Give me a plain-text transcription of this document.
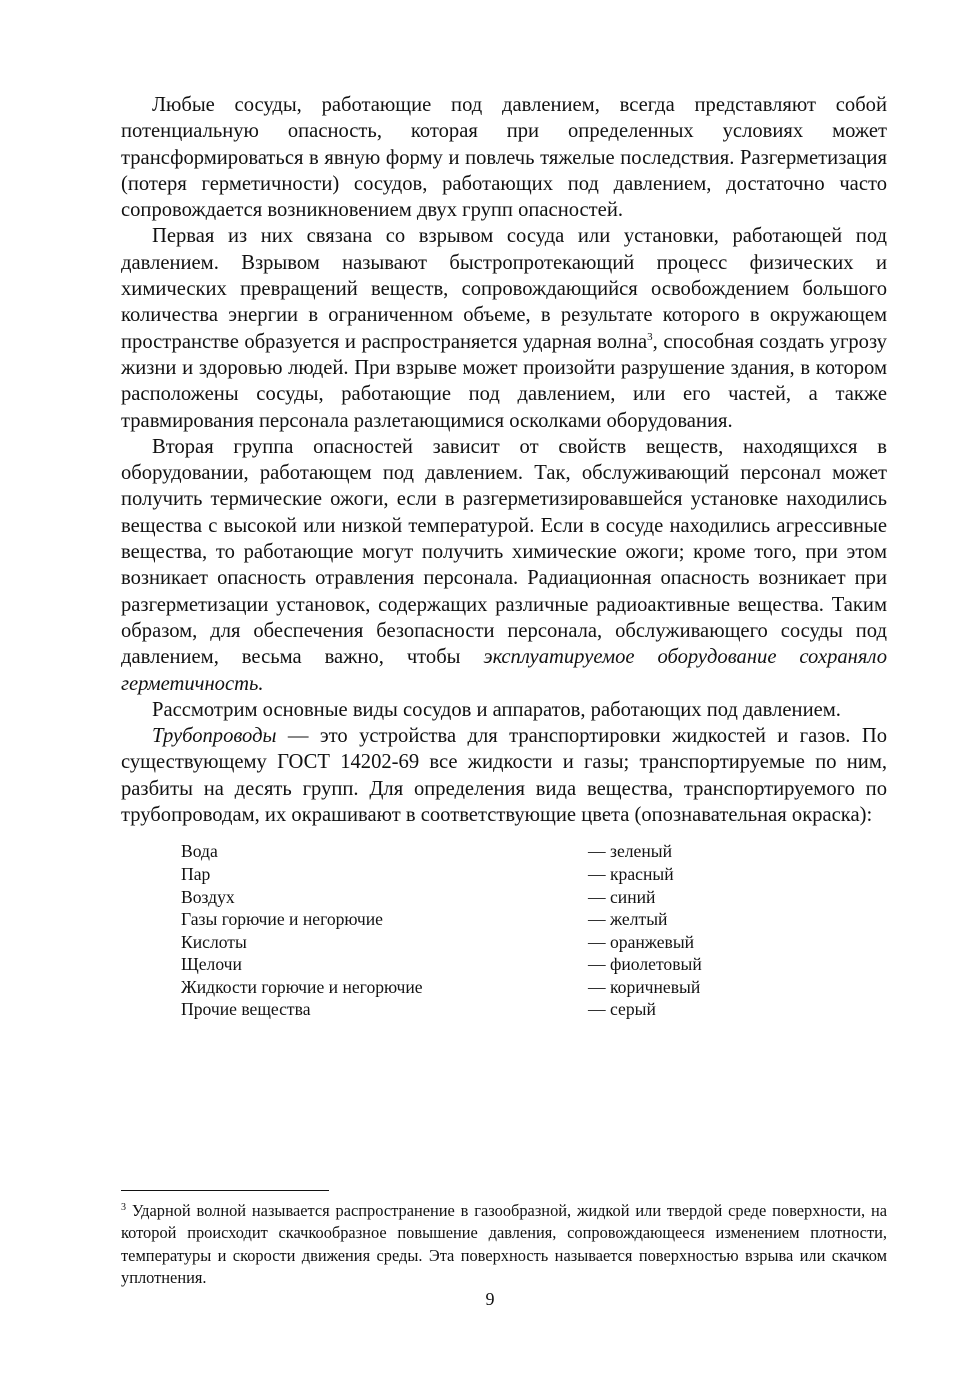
Любые сосуды, работающие под давлением, всегда представляют собой потенциальную опасность, которая при определенных условиях может трансформироваться в явную форму и повлечь тяжелые последствия. Разгерметизация (потеря герметичности) сосудов, работающих под давлением, достаточно часто сопровождается возникновением двух групп опасностей.

Первая из них связана со взрывом сосуда или установки, работающей под давлением. Взрывом называют быстропротекающий процесс физических и химических превращений веществ, сопровождающийся освобождением большого количества энергии в ограниченном объеме, в результате которого в окружающем пространстве образуется и распространяется ударная волна$^3$, способная создать угрозу жизни и здоровью людей. При взрыве может произойти разрушение здания, в котором расположены сосуды, работающие под давлением, или его частей, а также травмирования персонала разлетающимися осколками оборудования.

Вторая группа опасностей зависит от свойств веществ, находящихся в оборудовании, работающем под давлением. Так, обслуживающий персонал может получить термические ожоги, если в разгерметизировавшейся установке находились вещества с высокой или низкой температурой. Если в сосуде находились агрессивные вещества, то работающие могут получить химические ожоги; кроме того, при этом возникает опасность отравления персонала. Радиационная опасность возникает при разгерметизации установок, содержащих различные радиоактивные вещества. Таким образом, для обеспечения безопасности персонала, обслуживающего сосуды под давлением, весьма важно, чтобы эксплуатируемое оборудование сохраняло герметичность.

Рассмотрим основные виды сосудов и аппаратов, работающих под давлением.

Трубопроводы — это устройства для транспортировки жидкостей и газов. По существующему ГОСТ 14202-69 все жидкости и газы; транспортируемые по ним, разбиты на десять групп. Для определения вида вещества, транспортируемого по трубопроводам, их окрашивают в соответствующие цвета (опознавательная окраска):

Вода	— зеленый
Пар	— красный
Воздух	— синий
Газы горючие и негорючие	— желтый
Кислоты	— оранжевый
Щелочи	— фиолетовый
Жидкости горючие и негорючие	— коричневый
Прочие вещества	— серый

$^3$ Ударной волной называется распространение в газообразной, жидкой или твердой среде поверхности, на которой происходит скачкообразное повышение давления, сопровождающееся изменением плотности, температуры и скорости движения среды. Эта поверхность называется поверхностью взрыва или скачком уплотнения.

9
